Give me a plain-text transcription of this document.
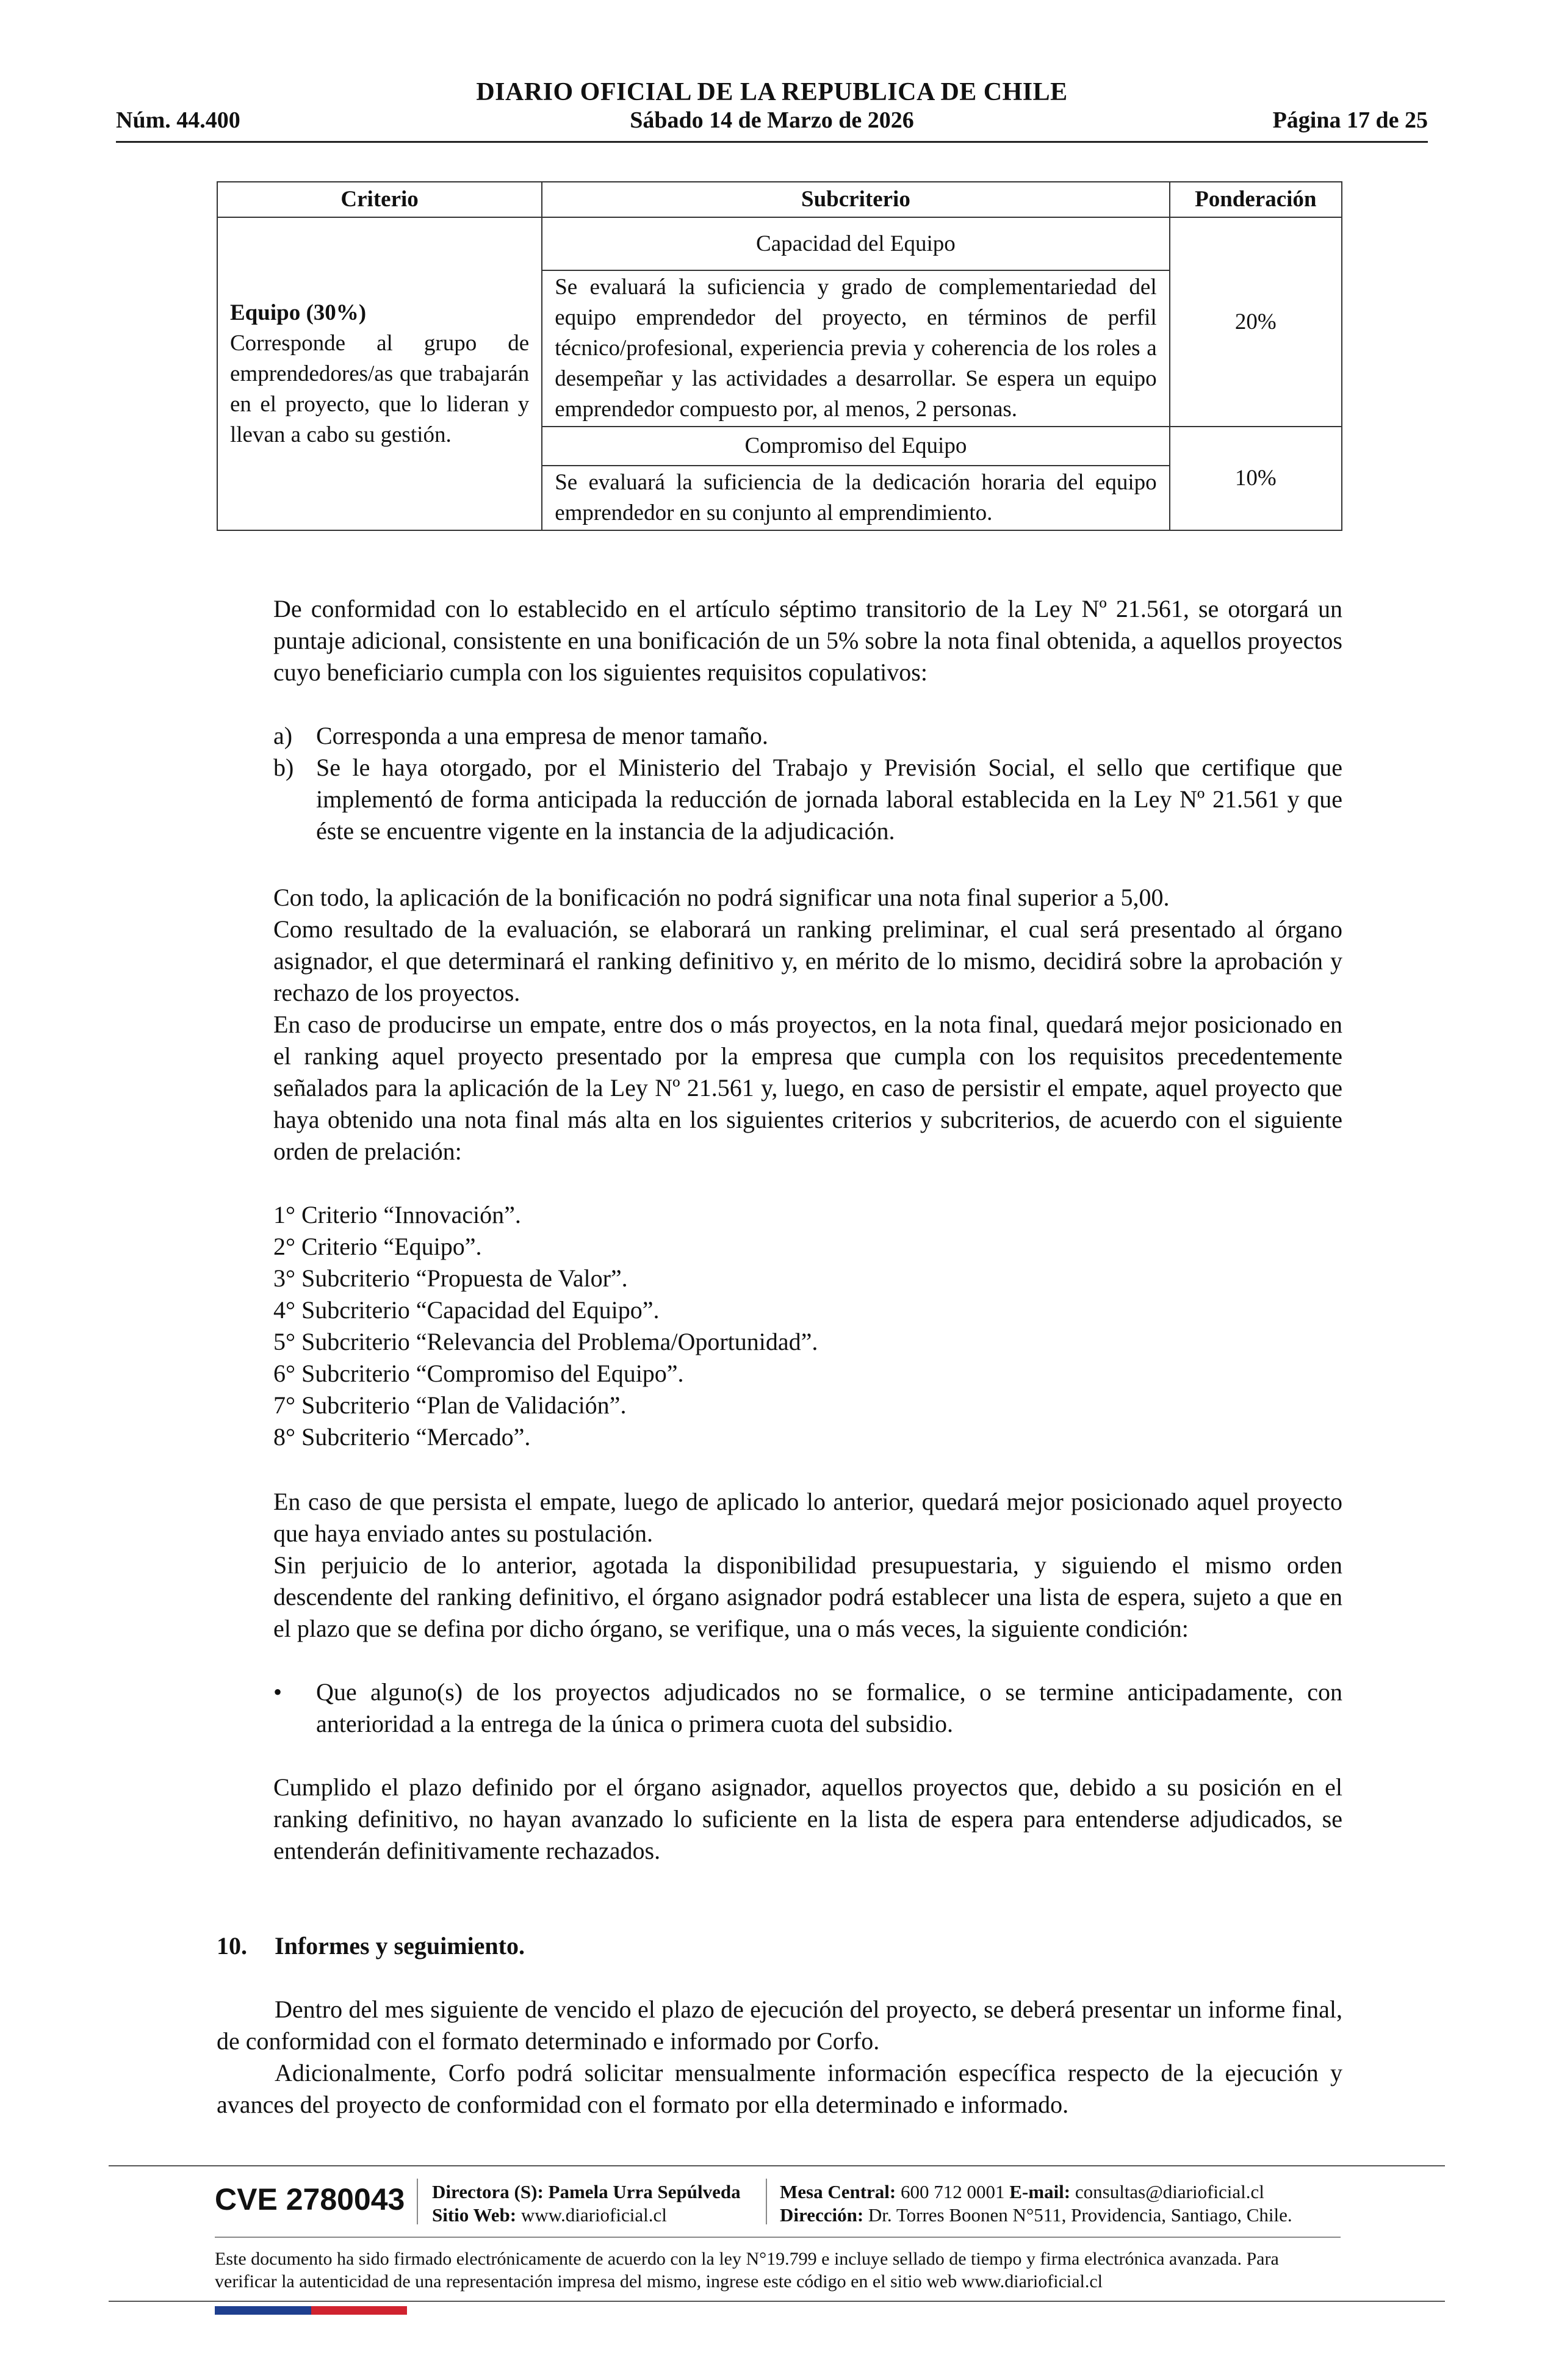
DIARIO OFICIAL DE LA REPUBLICA DE CHILE
Núm. 44.400	Sábado 14 de Marzo de 2026	Página 17 de 25
Criterio	Subcriterio	Ponderación

Equipo (30%)
Corresponde al grupo de emprendedores/as que trabajarán en el proyecto, que lo lideran y llevan a cabo su gestión.	Capacidad del Equipo	20%
	Se evaluará la suficiencia y grado de complementariedad del equipo emprendedor del proyecto, en términos de perfil técnico/profesional, experiencia previa y coherencia de los roles a desempeñar y las actividades a desarrollar. Se espera un equipo emprendedor compuesto por, al menos, 2 personas.	
	Compromiso del Equipo	10%
	Se evaluará la suficiencia de la dedicación horaria del equipo emprendedor en su conjunto al emprendimiento.	

De conformidad con lo establecido en el artículo séptimo transitorio de la Ley Nº 21.561, se otorgará un puntaje adicional, consistente en una bonificación de un 5% sobre la nota final obtenida, a aquellos proyectos cuyo beneficiario cumpla con los siguientes requisitos copulativos:

a) Corresponda a una empresa de menor tamaño.
b) Se le haya otorgado, por el Ministerio del Trabajo y Previsión Social, el sello que certifique que implementó de forma anticipada la reducción de jornada laboral establecida en la Ley Nº 21.561 y que éste se encuentre vigente en la instancia de la adjudicación.

Con todo, la aplicación de la bonificación no podrá significar una nota final superior a 5,00.

Como resultado de la evaluación, se elaborará un ranking preliminar, el cual será presentado al órgano asignador, el que determinará el ranking definitivo y, en mérito de lo mismo, decidirá sobre la aprobación y rechazo de los proyectos.

En caso de producirse un empate, entre dos o más proyectos, en la nota final, quedará mejor posicionado en el ranking aquel proyecto presentado por la empresa que cumpla con los requisitos precedentemente señalados para la aplicación de la Ley Nº 21.561 y, luego, en caso de persistir el empate, aquel proyecto que haya obtenido una nota final más alta en los siguientes criterios y subcriterios, de acuerdo con el siguiente orden de prelación:

1° Criterio “Innovación”.

2° Criterio “Equipo”.

3° Subcriterio “Propuesta de Valor”.

4° Subcriterio “Capacidad del Equipo”.

5° Subcriterio “Relevancia del Problema/Oportunidad”.

6° Subcriterio “Compromiso del Equipo”.

7° Subcriterio “Plan de Validación”.

8° Subcriterio “Mercado”.

En caso de que persista el empate, luego de aplicado lo anterior, quedará mejor posicionado aquel proyecto que haya enviado antes su postulación.

Sin perjuicio de lo anterior, agotada la disponibilidad presupuestaria, y siguiendo el mismo orden descendente del ranking definitivo, el órgano asignador podrá establecer una lista de espera, sujeto a que en el plazo que se defina por dicho órgano, se verifique, una o más veces, la siguiente condición:

• Que alguno(s) de los proyectos adjudicados no se formalice, o se termine anticipadamente, con anterioridad a la entrega de la única o primera cuota del subsidio.

Cumplido el plazo definido por el órgano asignador, aquellos proyectos que, debido a su posición en el ranking definitivo, no hayan avanzado lo suficiente en la lista de espera para entenderse adjudicados, se entenderán definitivamente rechazados.

10. Informes y seguimiento.

Dentro del mes siguiente de vencido el plazo de ejecución del proyecto, se deberá presentar un informe final, de conformidad con el formato determinado e informado por Corfo.

Adicionalmente, Corfo podrá solicitar mensualmente información específica respecto de la ejecución y avances del proyecto de conformidad con el formato por ella determinado e informado.

CVE 2780043 Directora (S): Pamela Urra Sepúlveda
Sitio Web: www.diarioficial.cl
Mesa Central: 600 712 0001 E-mail: consultas@diarioficial.cl
Dirección: Dr. Torres Boonen N°511, Providencia, Santiago, Chile.
Este documento ha sido firmado electrónicamente de acuerdo con la ley N°19.799 e incluye sellado de tiempo y firma electrónica avanzada. Para verificar la autenticidad de una representación impresa del mismo, ingrese este código en el sitio web www.diarioficial.cl
